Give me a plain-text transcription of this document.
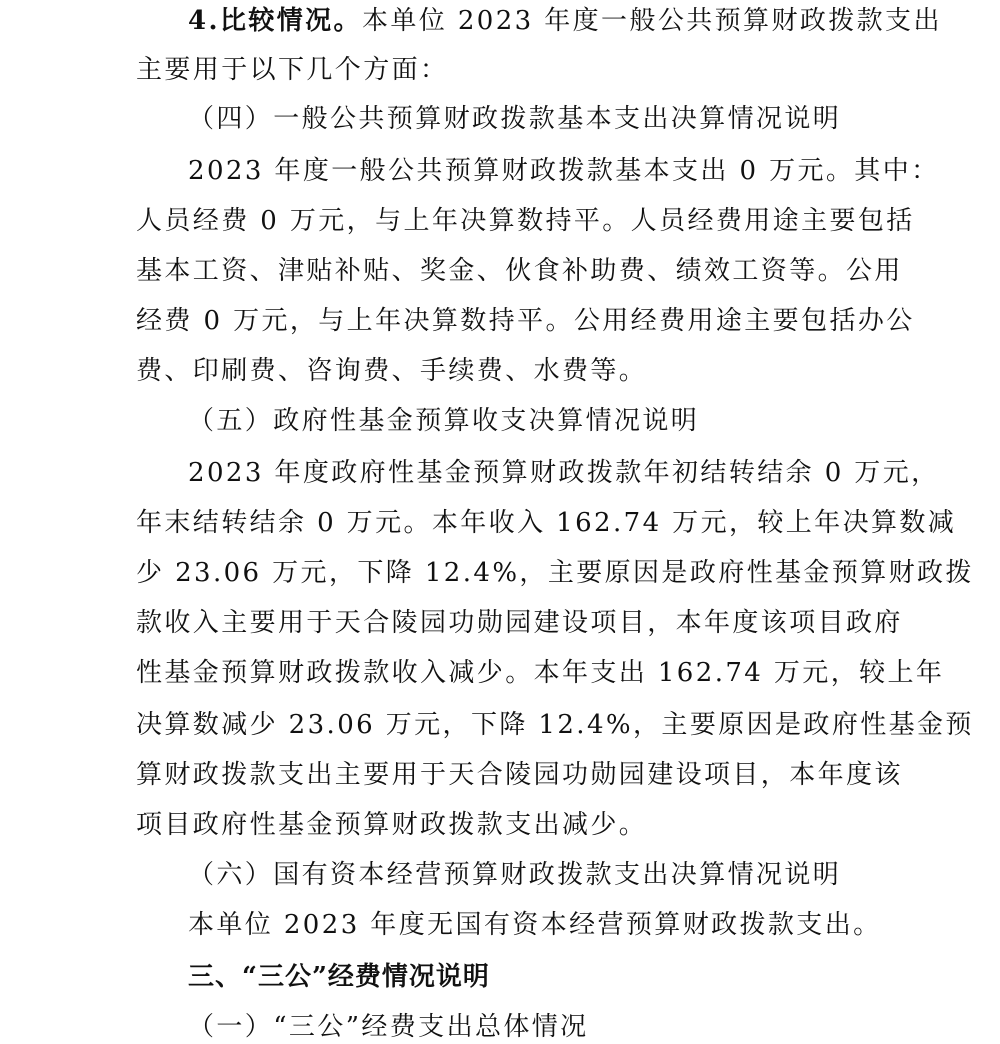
4.比较情况。本单位 2023 年度一般公共预算财政拨款支出
主要用于以下几个方面：
（四）一般公共预算财政拨款基本支出决算情况说明
2023 年度一般公共预算财政拨款基本支出 0 万元。其中：
人员经费 0 万元，与上年决算数持平。人员经费用途主要包括
基本工资、津贴补贴、奖金、伙食补助费、绩效工资等。公用
经费 0 万元，与上年决算数持平。公用经费用途主要包括办公
费、印刷费、咨询费、手续费、水费等。
（五）政府性基金预算收支决算情况说明
2023 年度政府性基金预算财政拨款年初结转结余 0 万元，
年末结转结余 0 万元。本年收入 162.74 万元，较上年决算数减
少 23.06 万元，下降 12.4%，主要原因是政府性基金预算财政拨
款收入主要用于天合陵园功勋园建设项目，本年度该项目政府
性基金预算财政拨款收入减少。本年支出 162.74 万元，较上年
决算数减少 23.06 万元，下降 12.4%，主要原因是政府性基金预
算财政拨款支出主要用于天合陵园功勋园建设项目，本年度该
项目政府性基金预算财政拨款支出减少。
（六）国有资本经营预算财政拨款支出决算情况说明
本单位 2023 年度无国有资本经营预算财政拨款支出。
三、“三公”经费情况说明
（一）“三公”经费支出总体情况
